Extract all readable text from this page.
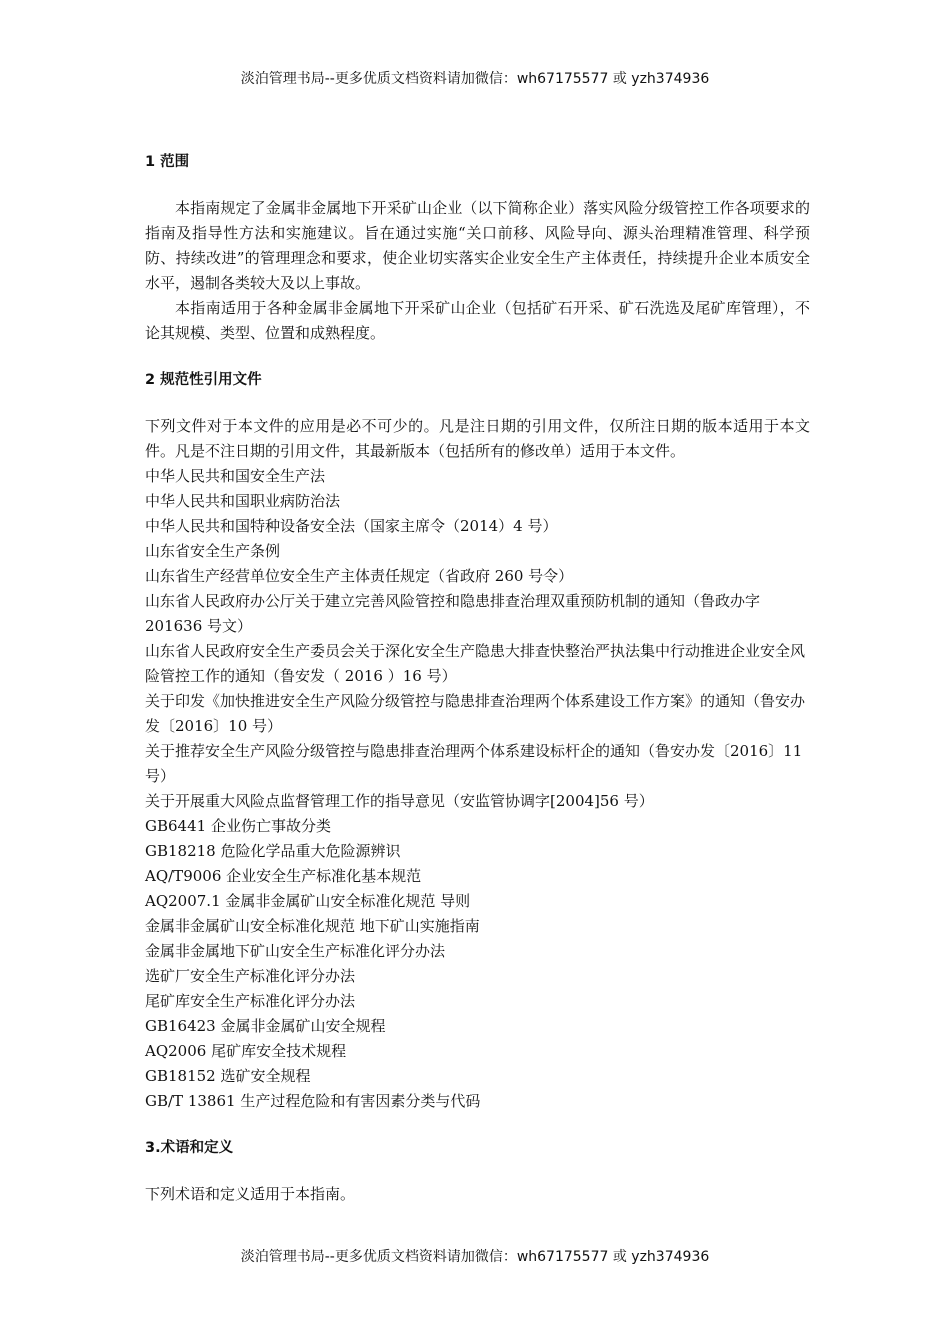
淡泊管理书局--更多优质文档资料请加微信：wh67175577 或 yzh374936
1 范围

本指南规定了金属非金属地下开采矿山企业（以下简称企业）落实风险分级管控工作各项要求的指南及指导性方法和实施建议。旨在通过实施“关口前移、风险导向、源头治理精准管理、科学预防、持续改进”的管理理念和要求，使企业切实落实企业安全生产主体责任，持续提升企业本质安全水平，遏制各类较大及以上事故。

本指南适用于各种金属非金属地下开采矿山企业（包括矿石开采、矿石洗选及尾矿库管理），不论其规模、类型、位置和成熟程度。

2 规范性引用文件

下列文件对于本文件的应用是必不可少的。凡是注日期的引用文件，仅所注日期的版本适用于本文件。凡是不注日期的引用文件，其最新版本（包括所有的修改单）适用于本文件。

中华人民共和国安全生产法
中华人民共和国职业病防治法
中华人民共和国特种设备安全法（国家主席令（2014）4 号）
山东省安全生产条例
山东省生产经营单位安全生产主体责任规定（省政府 260 号令）
山东省人民政府办公厅关于建立完善风险管控和隐患排查治理双重预防机制的通知（鲁政办字 201636 号文）
山东省人民政府安全生产委员会关于深化安全生产隐患大排查快整治严执法集中行动推进企业安全风险管控工作的通知（鲁安发（ 2016 ）16 号）
关于印发《加快推进安全生产风险分级管控与隐患排查治理两个体系建设工作方案》的通知（鲁安办发〔2016〕10 号）
关于推荐安全生产风险分级管控与隐患排查治理两个体系建设标杆企的通知（鲁安办发〔2016〕11 号）
关于开展重大风险点监督管理工作的指导意见（安监管协调字[2004]56 号）
GB6441 企业伤亡事故分类
GB18218 危险化学品重大危险源辨识
AQ/T9006 企业安全生产标准化基本规范
AQ2007.1 金属非金属矿山安全标准化规范 导则
金属非金属矿山安全标准化规范 地下矿山实施指南
金属非金属地下矿山安全生产标准化评分办法
选矿厂安全生产标准化评分办法
尾矿库安全生产标准化评分办法
GB16423 金属非金属矿山安全规程
AQ2006 尾矿库安全技术规程
GB18152 选矿安全规程
GB/T 13861 生产过程危险和有害因素分类与代码
3.术语和定义

下列术语和定义适用于本指南。

淡泊管理书局--更多优质文档资料请加微信：wh67175577 或 yzh374936
